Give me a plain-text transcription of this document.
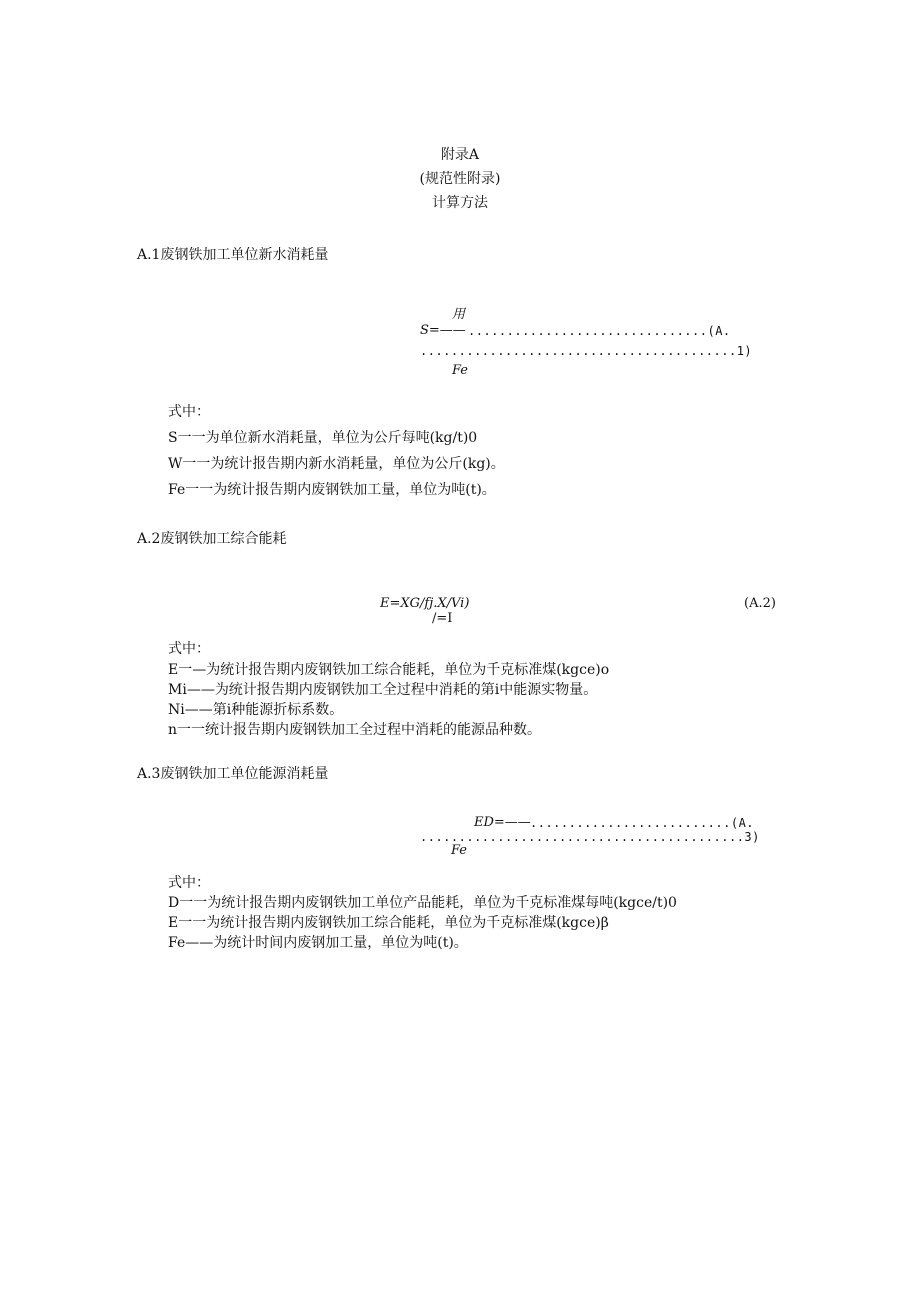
附录A
(规范性附录)
计算方法
A.1废钢铁加工单位新水消耗量
用
S=—— ...............................(A.
.........................................1)
Fe
式中：
S一一为单位新水消耗量，单位为公斤每吨(kg/t)0
W一一为统计报告期内新水消耗量，单位为公斤(kg)。
Fe一一为统计报告期内废钢铁加工量，单位为吨(t)。
A.2废钢铁加工综合能耗
E=XG/fj.X/Vi)
/=I
(A.2)
式中：
E一—为统计报告期内废钢铁加工综合能耗，单位为千克标准煤(kgce)o
Mi——为统计报告期内废钢铁加工全过程中消耗的第i中能源实物量。
Ni——第i种能源折标系数。
n一一统计报告期内废钢铁加工全过程中消耗的能源品种数。
A.3废钢铁加工单位能源消耗量
ED=—— ..........................(A.
..........................................3)
Fe
式中：
D一一为统计报告期内废钢铁加工单位产品能耗，单位为千克标准煤每吨(kgce/t)0
E一一为统计报告期内废钢铁加工综合能耗，单位为千克标准煤(kgce)β
Fe——为统计时间内废钢加工量，单位为吨(t)。
